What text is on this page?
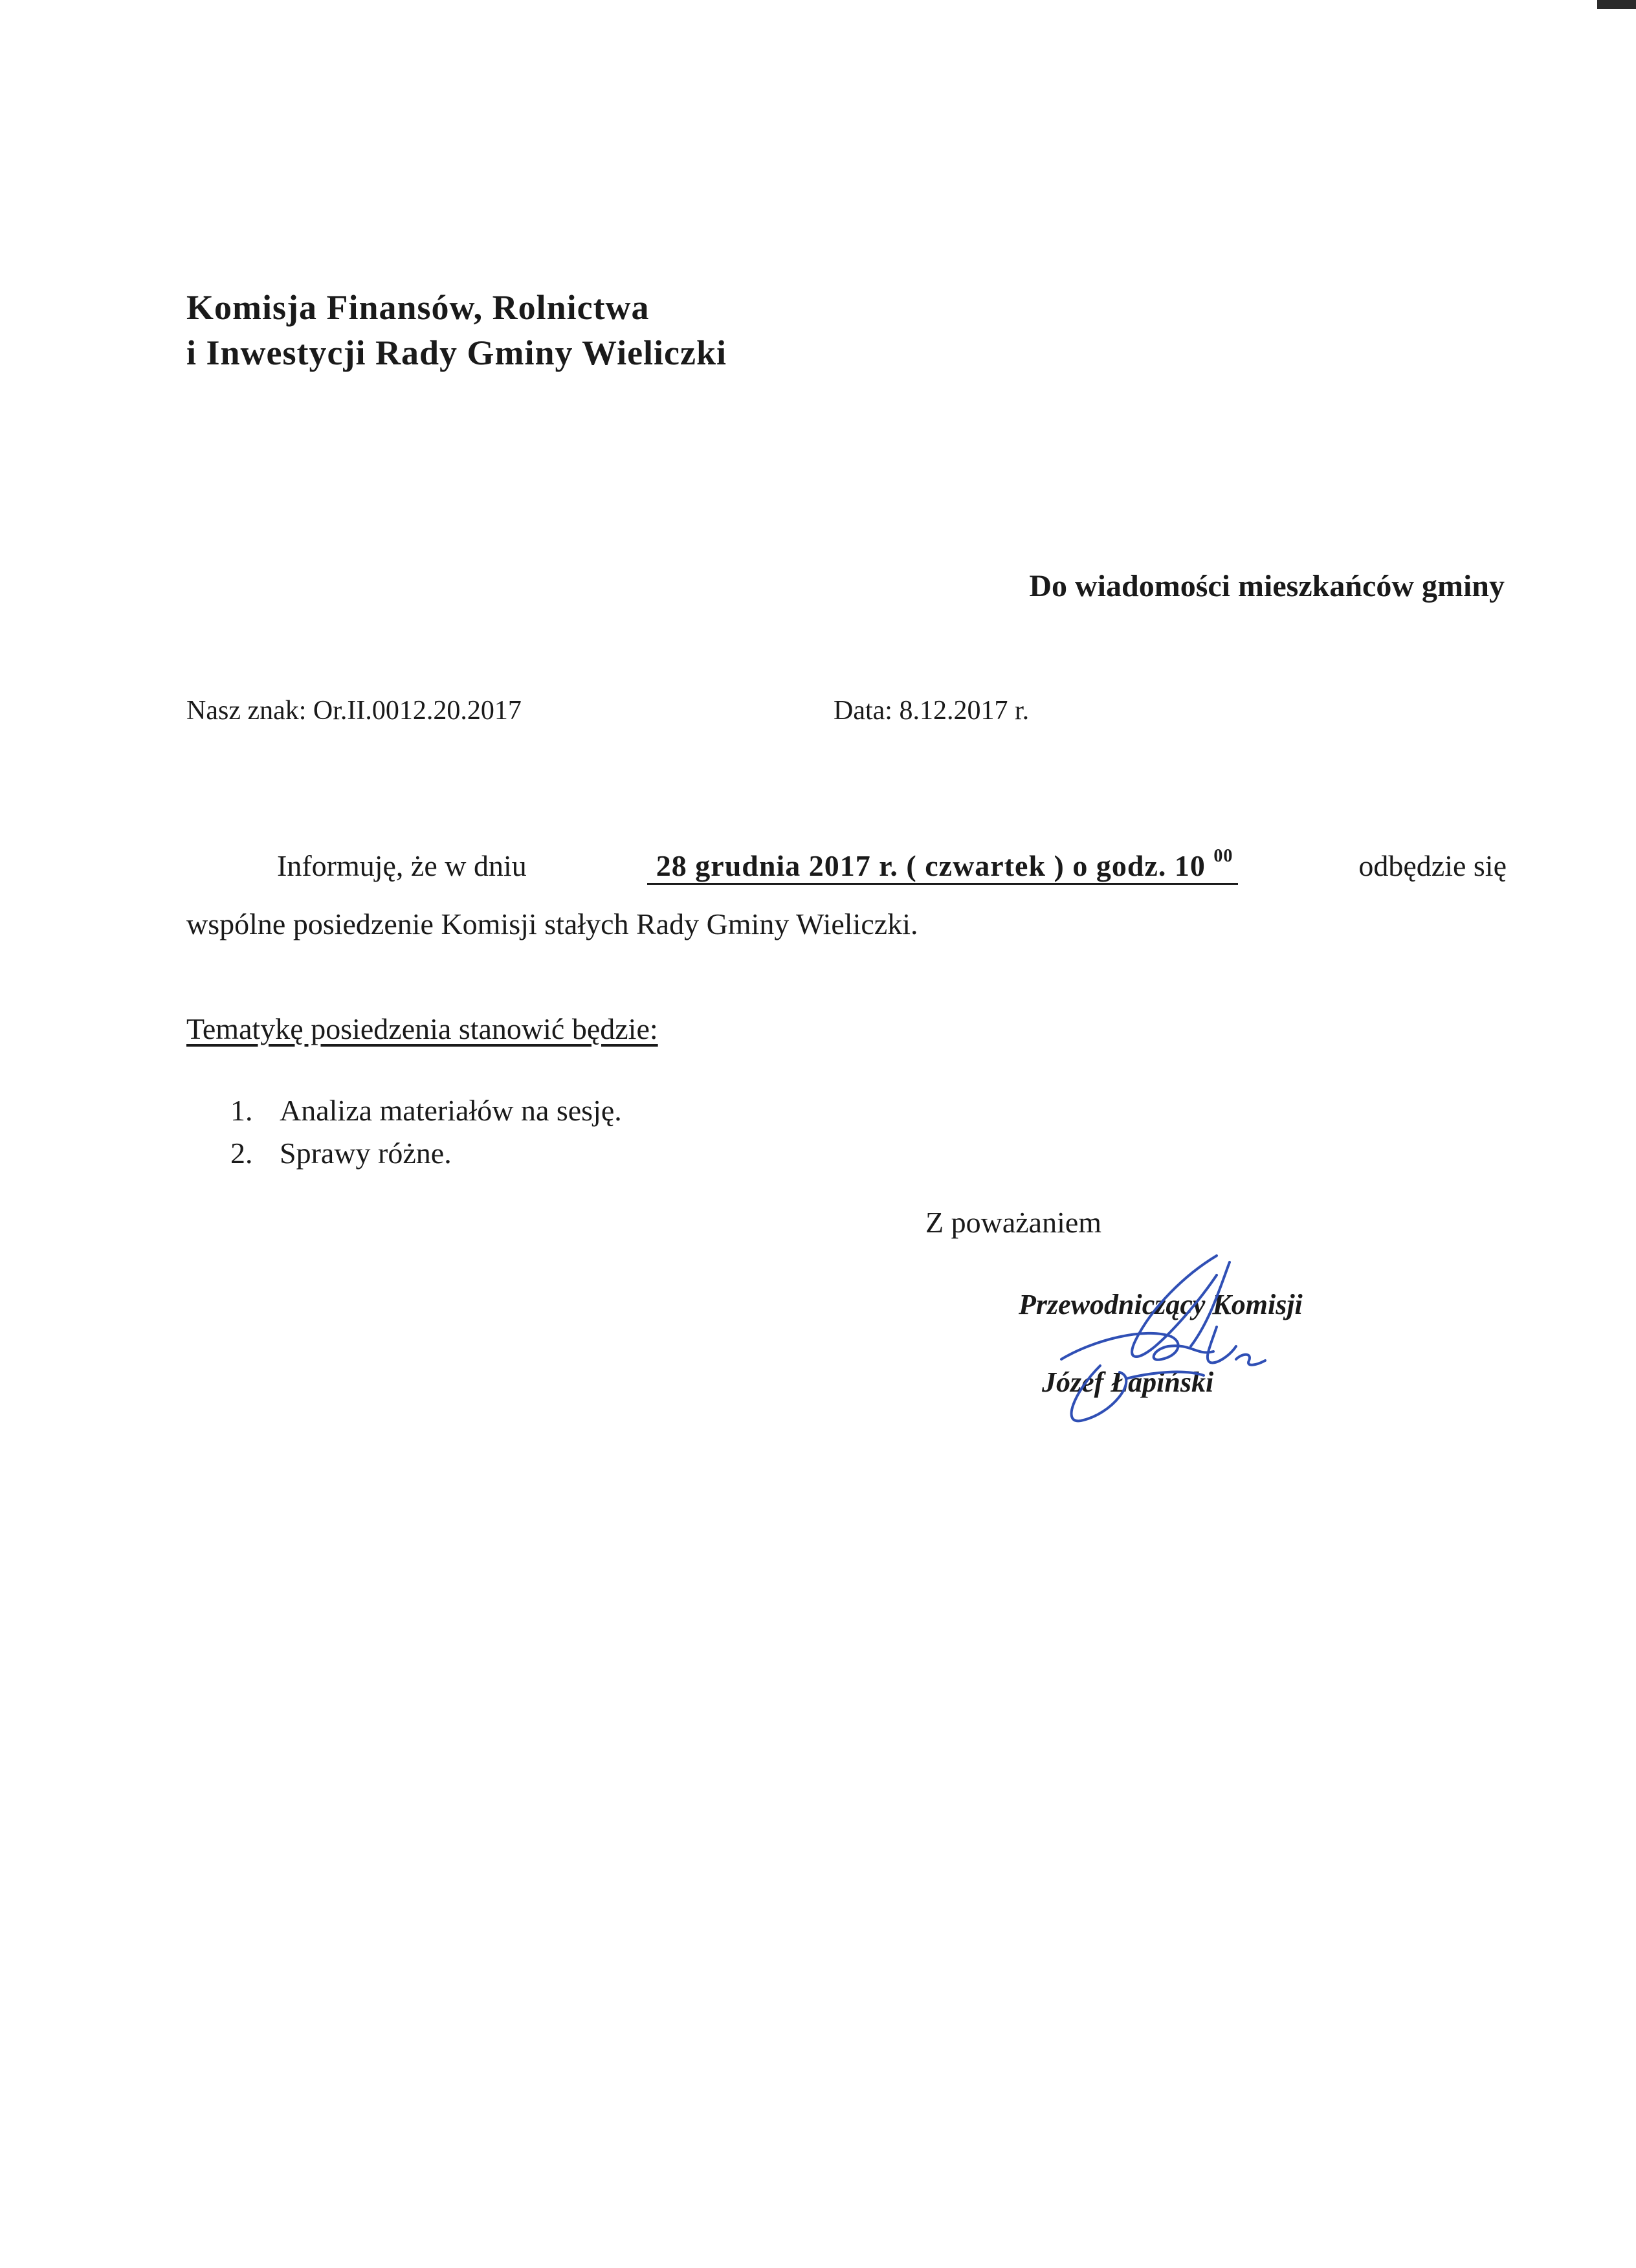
Komisja Finansów, Rolnictwa
i Inwestycji Rady Gminy Wieliczki
Do wiadomości mieszkańców gminy
Nasz znak: Or.II.0012.20.2017	Data: 8.12.2017 r.
Informuję, że w dniu	28 grudnia 2017 r. ( czwartek ) o godz. 10 $^{00}$	odbędzie się
wspólne posiedzenie Komisji stałych Rady Gminy Wieliczki.
Tematykę posiedzenia stanowić będzie:
1. Analiza materiałów na sesję.
2. Sprawy różne.
Z poważaniem
Przewodniczący Komisji
Józef Łapiński
